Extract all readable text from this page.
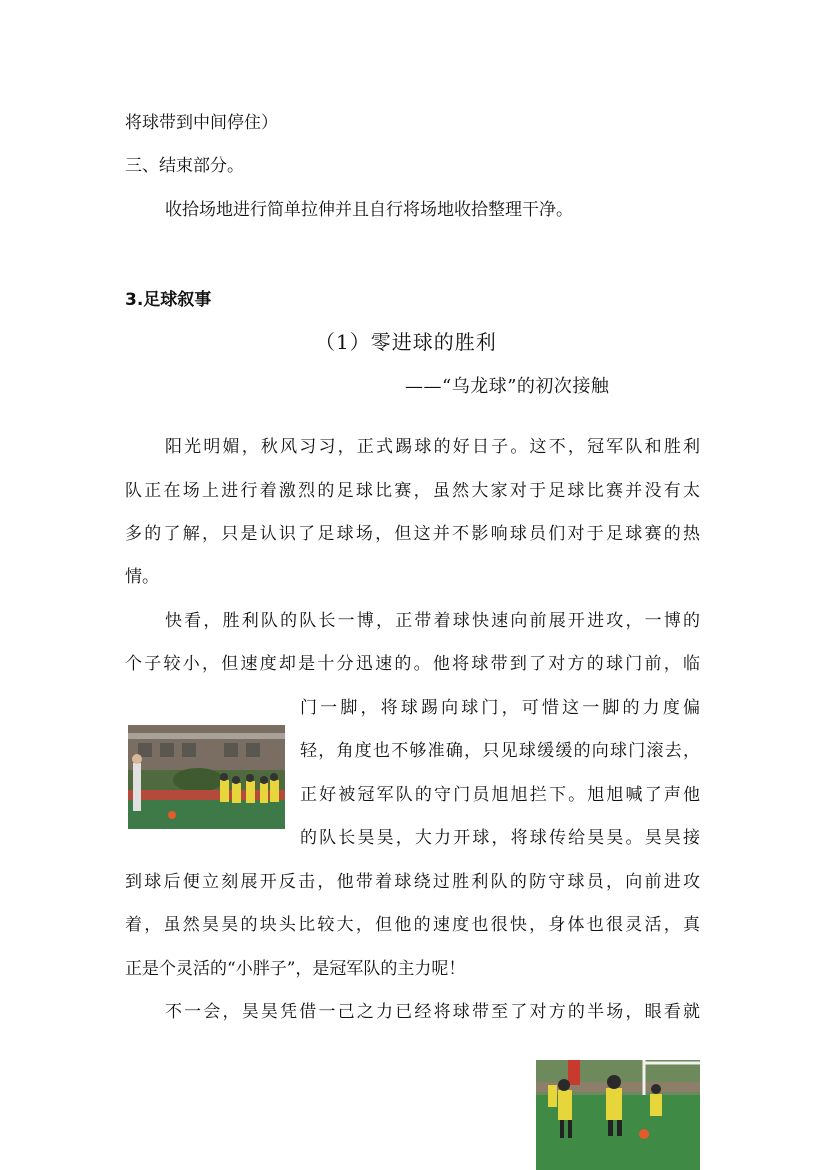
将球带到中间停住）
三、结束部分。
收拾场地进行简单拉伸并且自行将场地收拾整理干净。
3.足球叙事
（1）零进球的胜利
——“乌龙球”的初次接触
阳光明媚，秋风习习，正式踢球的好日子。这不，冠军队和胜利
队正在场上进行着激烈的足球比赛，虽然大家对于足球比赛并没有太
多的了解，只是认识了足球场，但这并不影响球员们对于足球赛的热
情。
快看，胜利队的队长一博，正带着球快速向前展开进攻，一博的
个子较小，但速度却是十分迅速的。他将球带到了对方的球门前，临
门一脚，将球踢向球门，可惜这一脚的力度偏
轻，角度也不够准确，只见球缓缓的向球门滚去，
正好被冠军队的守门员旭旭拦下。旭旭喊了声他
的队长昊昊，大力开球，将球传给昊昊。昊昊接
到球后便立刻展开反击，他带着球绕过胜利队的防守球员，向前进攻
着，虽然昊昊的块头比较大，但他的速度也很快，身体也很灵活，真
正是个灵活的“小胖子”，是冠军队的主力呢！
不一会，昊昊凭借一己之力已经将球带至了对方的半场，眼看就
